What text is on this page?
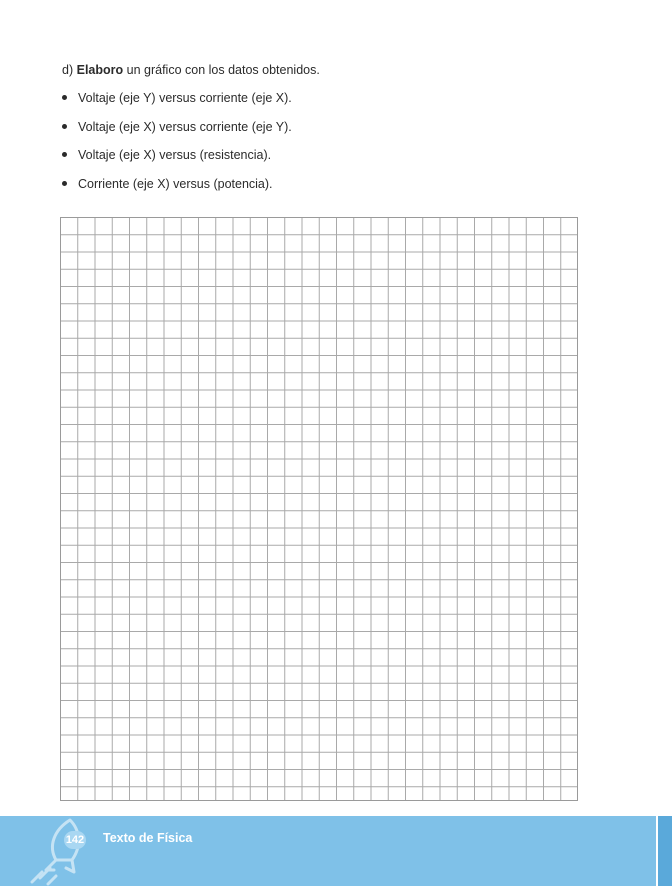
d) Elaboro un gráfico con los datos obtenidos.

Voltaje (eje Y) versus corriente (eje X).
Voltaje (eje X) versus corriente (eje Y).
Voltaje (eje X) versus (resistencia).
Corriente (eje X) versus (potencia).
142 Texto de Física
